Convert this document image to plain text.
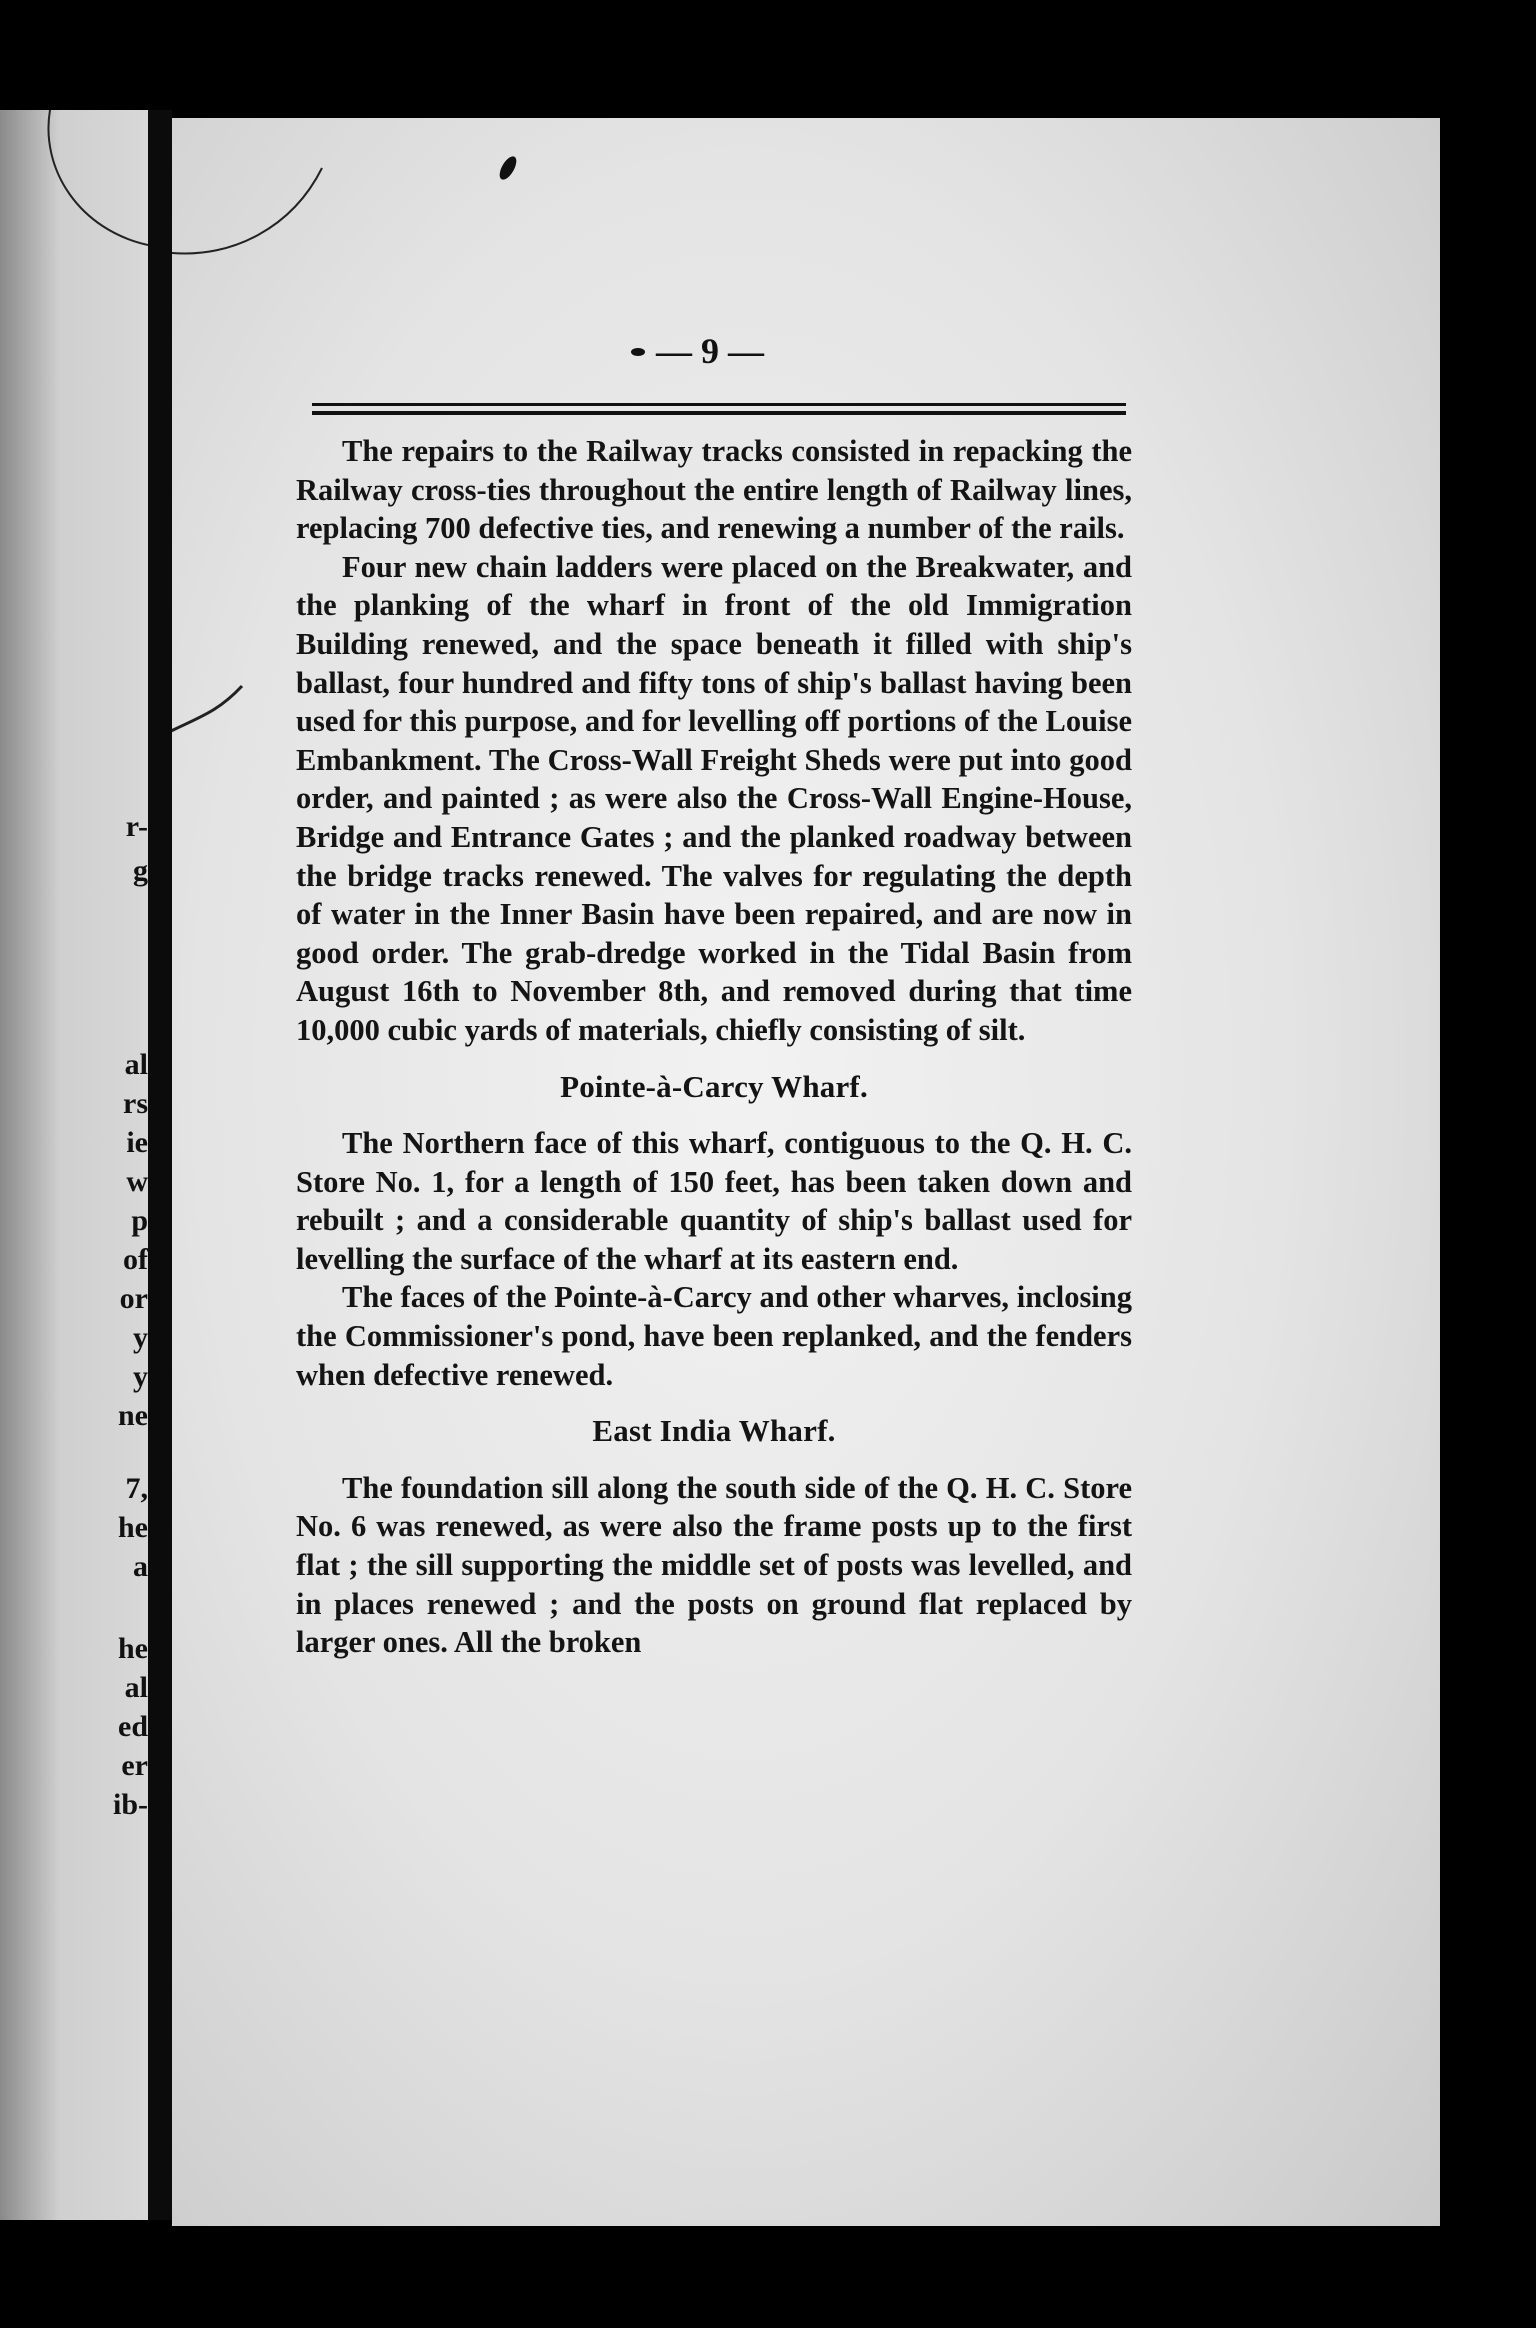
r-
g
al
rs
ie
w
p
of
or
y
y
ne
7,
he
a
he
al
ed
er
ib-
— 9 —

The repairs to the Railway tracks consisted in repacking the Railway cross-ties throughout the entire length of Railway lines, replacing 700 defective ties, and renewing a number of the rails.

Four new chain ladders were placed on the Breakwater, and the planking of the wharf in front of the old Immigration Building renewed, and the space beneath it filled with ship's ballast, four hundred and fifty tons of ship's ballast having been used for this purpose, and for levelling off portions of the Louise Embankment. The Cross-Wall Freight Sheds were put into good order, and painted ; as were also the Cross-Wall Engine-House, Bridge and Entrance Gates ; and the planked roadway between the bridge tracks renewed. The valves for regulating the depth of water in the Inner Basin have been repaired, and are now in good order. The grab-dredge worked in the Tidal Basin from August 16th to November 8th, and removed during that time 10,000 cubic yards of materials, chiefly consisting of silt.

Pointe-à-Carcy Wharf.

The Northern face of this wharf, contiguous to the Q. H. C. Store No. 1, for a length of 150 feet, has been taken down and rebuilt ; and a considerable quantity of ship's ballast used for levelling the surface of the wharf at its eastern end.

The faces of the Pointe-à-Carcy and other wharves, inclosing the Commissioner's pond, have been replanked, and the fenders when defective renewed.

East India Wharf.

The foundation sill along the south side of the Q. H. C. Store No. 6 was renewed, as were also the frame posts up to the first flat ; the sill supporting the middle set of posts was levelled, and in places renewed ; and the posts on ground flat replaced by larger ones. All the broken
